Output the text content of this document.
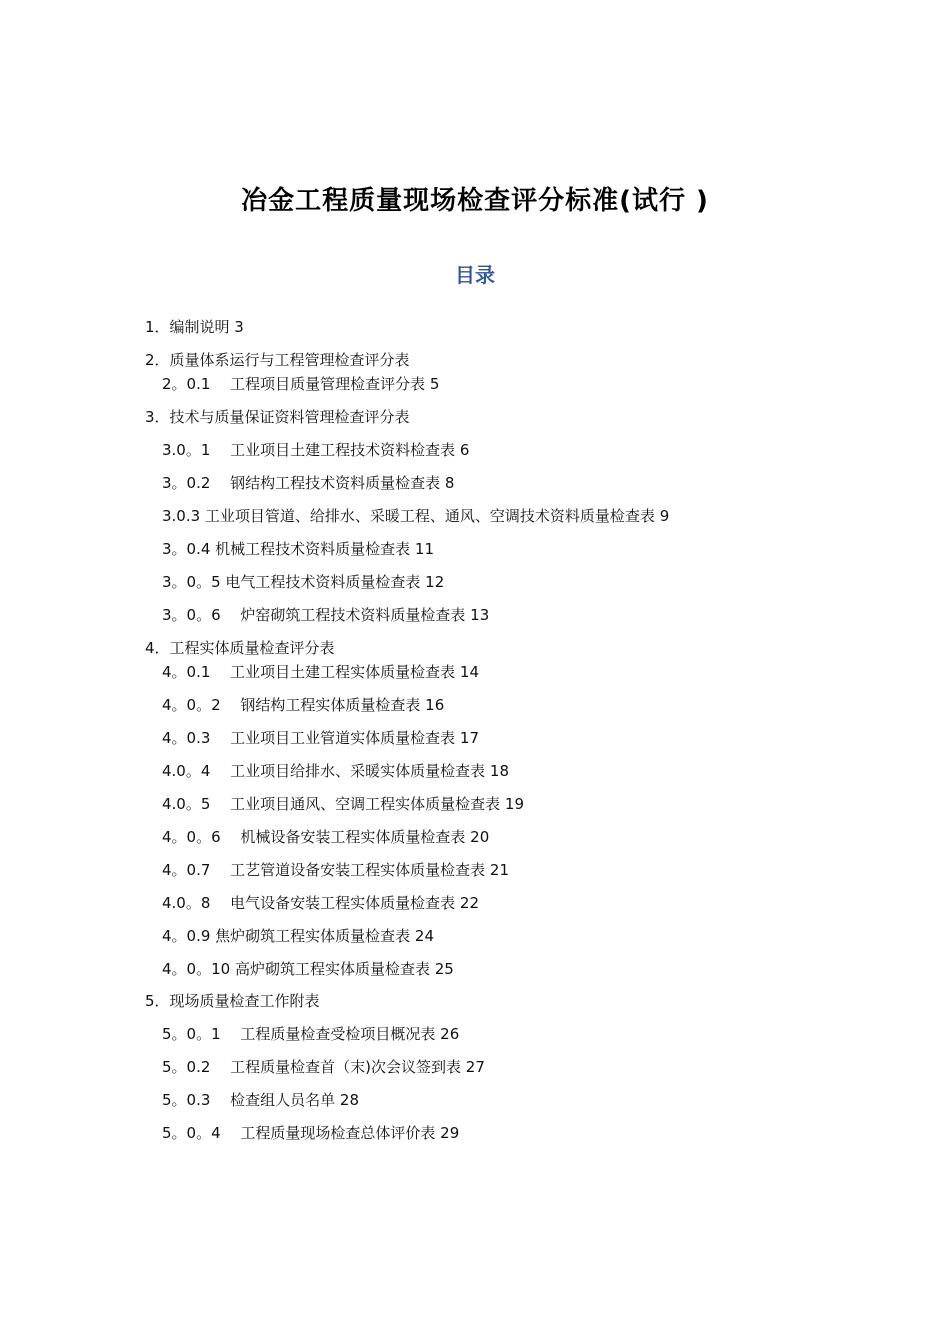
冶金工程质量现场检查评分标准(试行 )
目录
1．编制说明 3
2．质量体系运行与工程管理检查评分表
2。0.1　 工程项目质量管理检查评分表 5
3．技术与质量保证资料管理检查评分表
3.0。1　 工业项目土建工程技术资料检查表 6
3。0.2　 钢结构工程技术资料质量检查表 8
3.0.3 工业项目管道、给排水、采暖工程、通风、空调技术资料质量检查表 9
3。0.4 机械工程技术资料质量检查表 11
3。0。5 电气工程技术资料质量检查表 12
3。0。6　 炉窑砌筑工程技术资料质量检查表 13
4．工程实体质量检查评分表
4。0.1　 工业项目土建工程实体质量检查表 14
4。0。2　 钢结构工程实体质量检查表 16
4。0.3　 工业项目工业管道实体质量检查表 17
4.0。4　 工业项目给排水、采暖实体质量检查表 18
4.0。5　 工业项目通风、空调工程实体质量检查表 19
4。0。6　 机械设备安装工程实体质量检查表 20
4。0.7　 工艺管道设备安装工程实体质量检查表 21
4.0。8　 电气设备安装工程实体质量检查表 22
4。0.9 焦炉砌筑工程实体质量检查表 24
4。0。10 高炉砌筑工程实体质量检查表 25
5．现场质量检查工作附表
5。0。1　 工程质量检查受检项目概况表 26
5。0.2　 工程质量检查首（末)次会议签到表 27
5。0.3　 检查组人员名单 28
5。0。4　 工程质量现场检查总体评价表 29
